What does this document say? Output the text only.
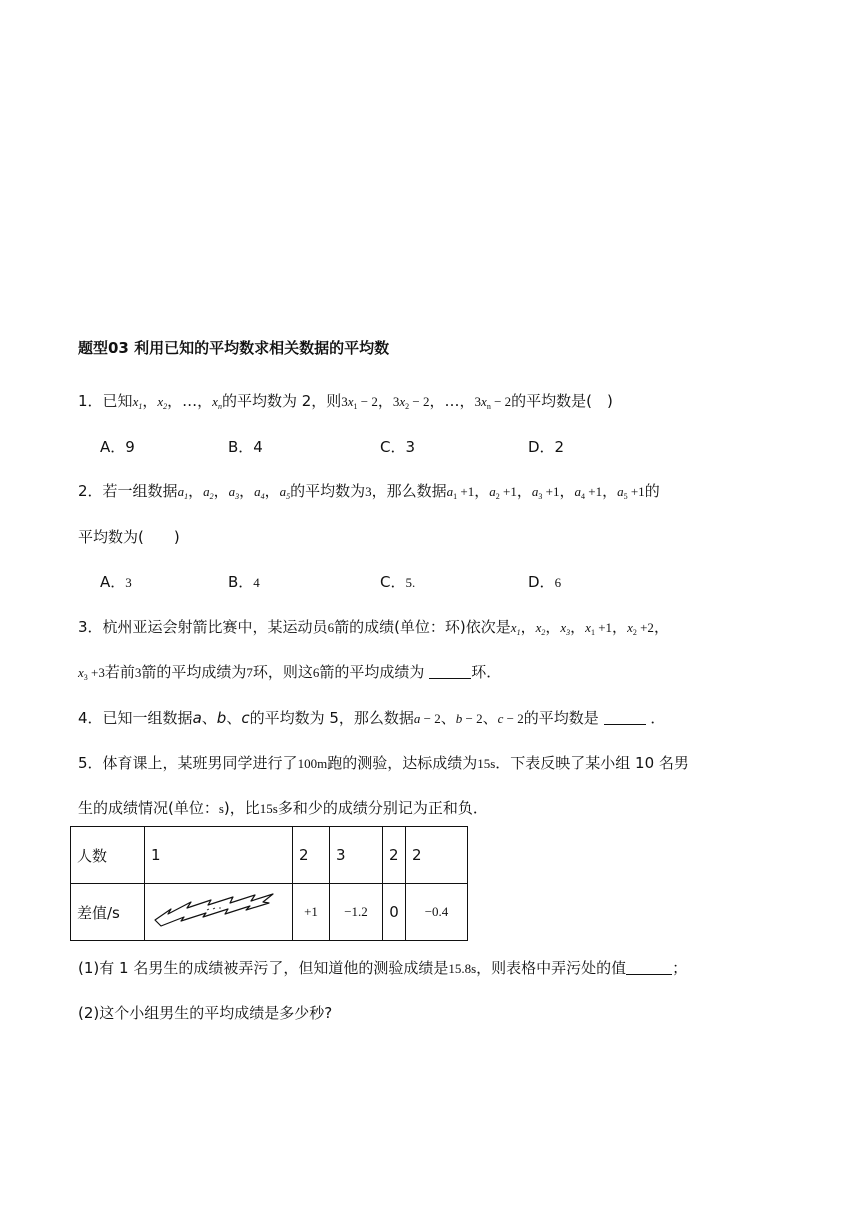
题型03 利用已知的平均数求相关数据的平均数
1．已知$x_1$，$x_2$，…，$x_n$的平均数为 2，则$3x_1 - 2$，$3x_2 - 2$，…，$3x_n - 2$的平均数是(　)
A．9	B．4	C．3	D．2
2．若一组数据$a_1$，$a_2$，$a_3$，$a_4$，$a_5$的平均数为3，那么数据$a_1 +1$，$a_2 +1$，$a_3 +1$，$a_4 +1$，$a_5 +1$的
平均数为(　　)
A．3	B．4	C．5.	D．6
3．杭州亚运会射箭比赛中，某运动员6箭的成绩(单位：环)依次是$x_1$，$x_2$，$x_3$，$x_1 +1$，$x_2 +2$，
$x_3 +3$若前3箭的平均成绩为7环，则这6箭的平均成绩为	环．
4．已知一组数据a、b、c的平均数为 5，那么数据a − 2、b − 2、c − 2的平均数是	．
5．体育课上，某班男同学进行了100m跑的测验，达标成绩为15s．下表反映了某小组 10 名男
生的成绩情况(单位：s)，比15s多和少的成绩分别记为正和负．
人数	1	2	3	2	2
差值/s		+1	−1.2	0	−0.4
(1)有 1 名男生的成绩被弄污了，但知道他的测验成绩是15.8s，则表格中弄污处的值	；
(2)这个小组男生的平均成绩是多少秒?
